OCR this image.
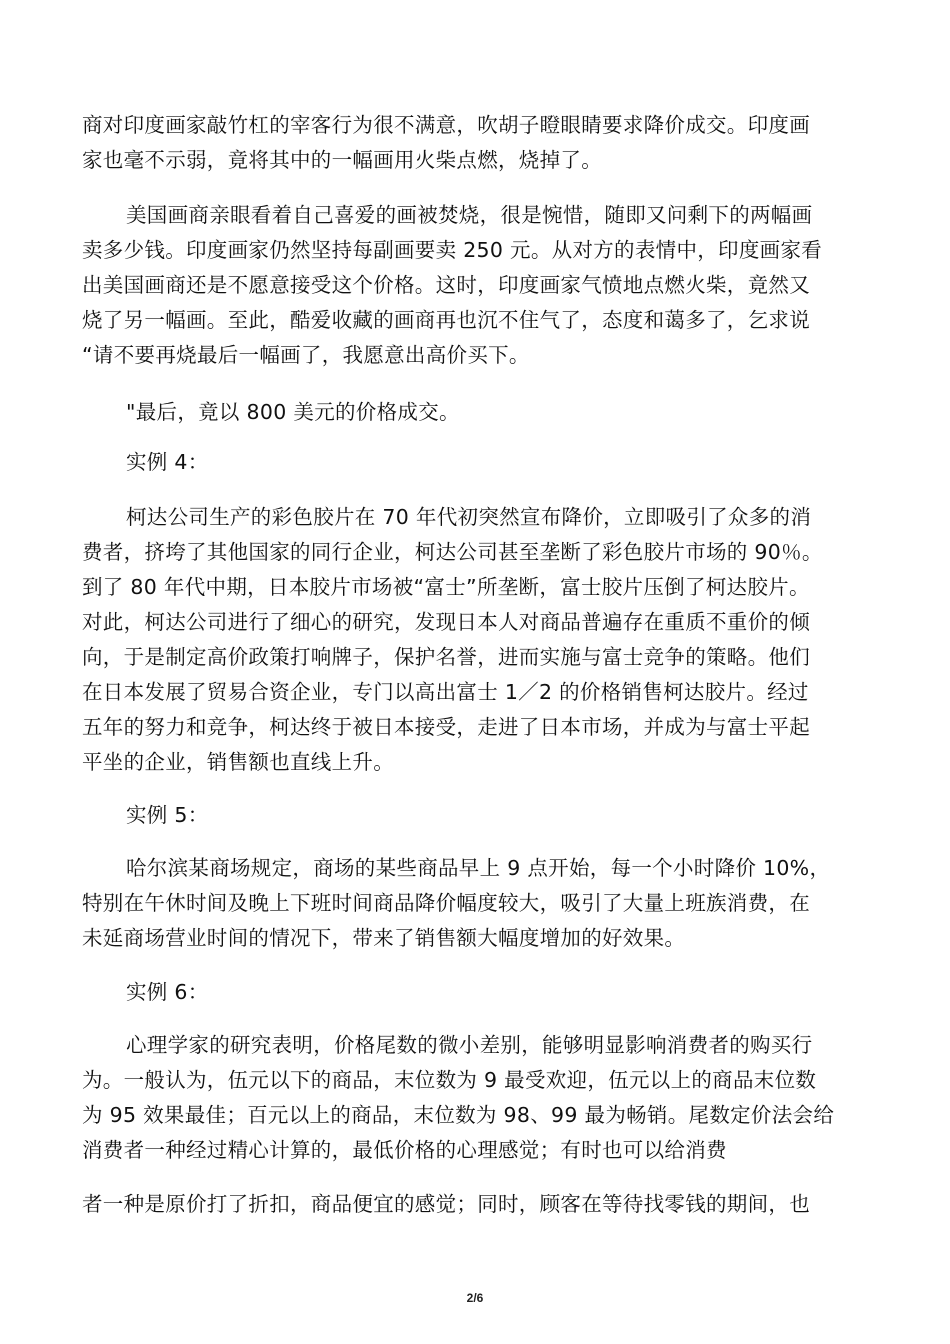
商对印度画家敲竹杠的宰客行为很不满意，吹胡子瞪眼睛要求降价成交。印度画
家也毫不示弱，竟将其中的一幅画用火柴点燃，烧掉了。
美国画商亲眼看着自己喜爱的画被焚烧，很是惋惜，随即又问剩下的两幅画
卖多少钱。印度画家仍然坚持每副画要卖 250 元。从对方的表情中，印度画家看
出美国画商还是不愿意接受这个价格。这时，印度画家气愤地点燃火柴，竟然又
烧了另一幅画。至此，酷爱收藏的画商再也沉不住气了，态度和蔼多了，乞求说
“请不要再烧最后一幅画了，我愿意出高价买下。
"最后，竟以 800 美元的价格成交。
实例 4：
柯达公司生产的彩色胶片在 70 年代初突然宣布降价，立即吸引了众多的消
费者，挤垮了其他国家的同行企业，柯达公司甚至垄断了彩色胶片市场的 90％。
到了 80 年代中期，日本胶片市场被“富士”所垄断，富士胶片压倒了柯达胶片。
对此，柯达公司进行了细心的研究，发现日本人对商品普遍存在重质不重价的倾
向，于是制定高价政策打响牌子，保护名誉，进而实施与富士竞争的策略。他们
在日本发展了贸易合资企业，专门以高出富士 1／2 的价格销售柯达胶片。经过
五年的努力和竞争，柯达终于被日本接受，走进了日本市场，并成为与富士平起
平坐的企业，销售额也直线上升。
实例 5：
哈尔滨某商场规定，商场的某些商品早上 9 点开始，每一个小时降价 10%，
特别在午休时间及晚上下班时间商品降价幅度较大，吸引了大量上班族消费，在
未延商场营业时间的情况下，带来了销售额大幅度增加的好效果。
实例 6：
心理学家的研究表明，价格尾数的微小差别，能够明显影响消费者的购买行
为。一般认为，伍元以下的商品，末位数为 9 最受欢迎，伍元以上的商品末位数
为 95 效果最佳；百元以上的商品，末位数为 98、99 最为畅销。尾数定价法会给
消费者一种经过精心计算的，最低价格的心理感觉；有时也可以给消费
者一种是原价打了折扣，商品便宜的感觉；同时，顾客在等待找零钱的期间，也
2/6
